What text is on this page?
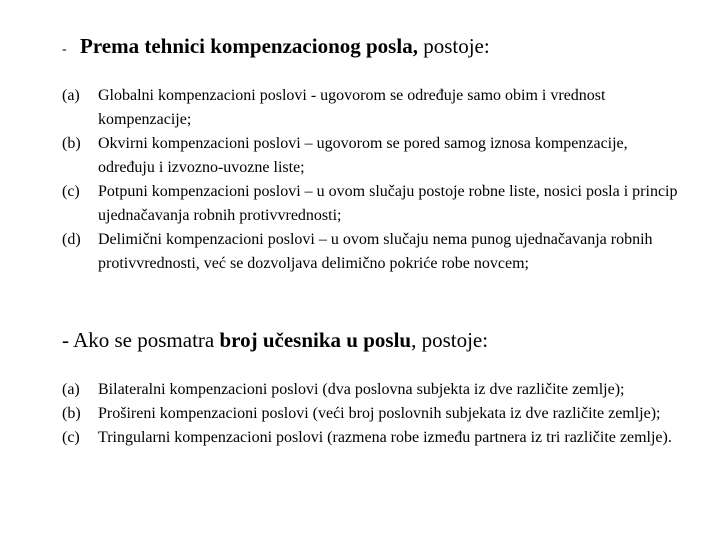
- Prema tehnici kompenzacionog posla, postoje:
(a)	Globalni kompenzacioni poslovi - ugovorom se određuje samo obim i vrednost kompenzacije;
(b)	Okvirni kompenzacioni poslovi – ugovorom se pored samog iznosa kompenzacije, određuju i izvozno-uvozne liste;
(c)	Potpuni kompenzacioni poslovi – u ovom slučaju postoje robne liste, nosici posla i princip ujednačavanja robnih protivvrednosti;
(d)	Delimični kompenzacioni poslovi – u ovom slučaju nema punog ujednačavanja robnih protivvrednosti, već se dozvoljava delimično pokriće robe novcem;
- Ako se posmatra broj učesnika u poslu, postoje:
(a)	Bilateralni kompenzacioni poslovi (dva poslovna subjekta iz dve različite zemlje);
(b)	Prošireni kompenzacioni poslovi (veći broj poslovnih subjekata iz dve različite zemlje);
(c)	Tringularni kompenzacioni poslovi (razmena robe između partnera iz tri različite zemlje).
